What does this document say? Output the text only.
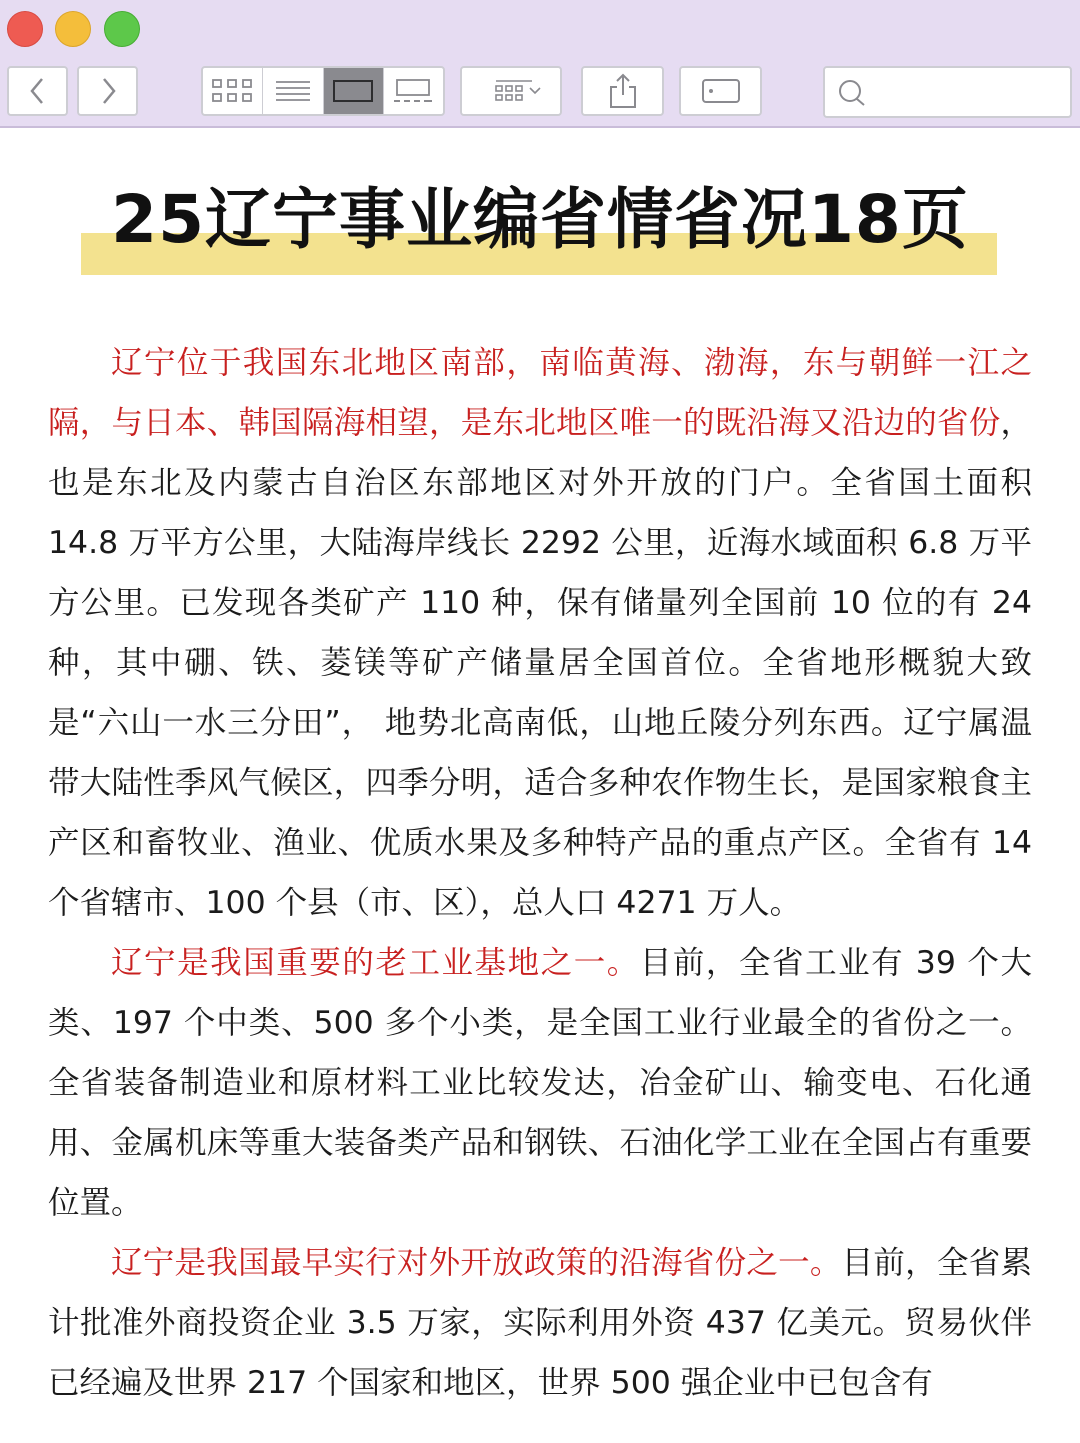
25辽宁事业编省情省况18页

辽宁位于我国东北地区南部，南临黄海、渤海，东与朝鲜一江之隔，与日本、韩国隔海相望，是东北地区唯一的既沿海又沿边的省份，也是东北及内蒙古自治区东部地区对外开放的门户。全省国土面积 14.8 万平方公里，大陆海岸线长 2292 公里，近海水域面积 6.8 万平方公里。已发现各类矿产 110 种，保有储量列全国前 10 位的有 24 种，其中硼、铁、菱镁等矿产储量居全国首位。全省地形概貌大致是“六山一水三分田”， 地势北高南低，山地丘陵分列东西。辽宁属温带大陆性季风气候区，四季分明，适合多种农作物生长，是国家粮食主产区和畜牧业、渔业、优质水果及多种特产品的重点产区。全省有 14 个省辖市、100 个县（市、区），总人口 4271 万人。

辽宁是我国重要的老工业基地之一。目前，全省工业有 39 个大类、197 个中类、500 多个小类，是全国工业行业最全的省份之一。全省装备制造业和原材料工业比较发达，冶金矿山、输变电、石化通用、金属机床等重大装备类产品和钢铁、石油化学工业在全国占有重要位置。

辽宁是我国最早实行对外开放政策的沿海省份之一。目前，全省累计批准外商投资企业 3.5 万家，实际利用外资 437 亿美元。贸易伙伴已经遍及世界 217 个国家和地区，世界 500 强企业中已包含有
